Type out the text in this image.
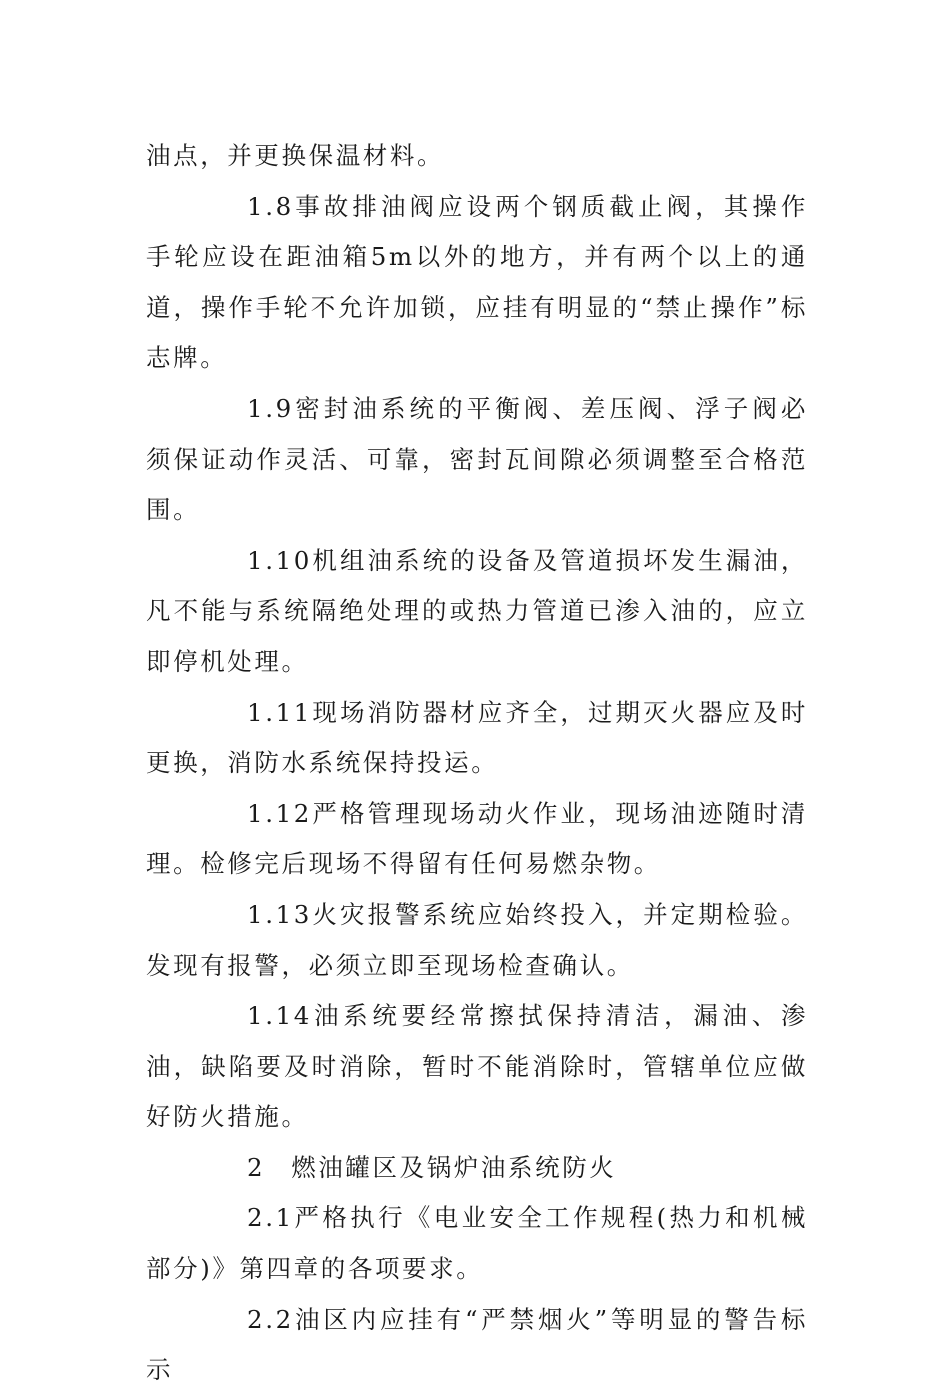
油点，并更换保温材料。

1.8事故排油阀应设两个钢质截止阀，其操作手轮应设在距油箱5m以外的地方，并有两个以上的通道，操作手轮不允许加锁，应挂有明显的“禁止操作”标志牌。

1.9密封油系统的平衡阀、差压阀、浮子阀必须保证动作灵活、可靠，密封瓦间隙必须调整至合格范围。

1.10机组油系统的设备及管道损坏发生漏油，凡不能与系统隔绝处理的或热力管道已渗入油的，应立即停机处理。

1.11现场消防器材应齐全，过期灭火器应及时更换，消防水系统保持投运。

1.12严格管理现场动火作业，现场油迹随时清理。检修完后现场不得留有任何易燃杂物。

1.13火灾报警系统应始终投入，并定期检验。发现有报警，必须立即至现场检查确认。

1.14油系统要经常擦拭保持清洁，漏油、渗油，缺陷要及时消除，暂时不能消除时，管辖单位应做好防火措施。

2 燃油罐区及锅炉油系统防火

2.1严格执行《电业安全工作规程(热力和机械部分)》第四章的各项要求。

2.2油区内应挂有“严禁烟火”等明显的警告标示
